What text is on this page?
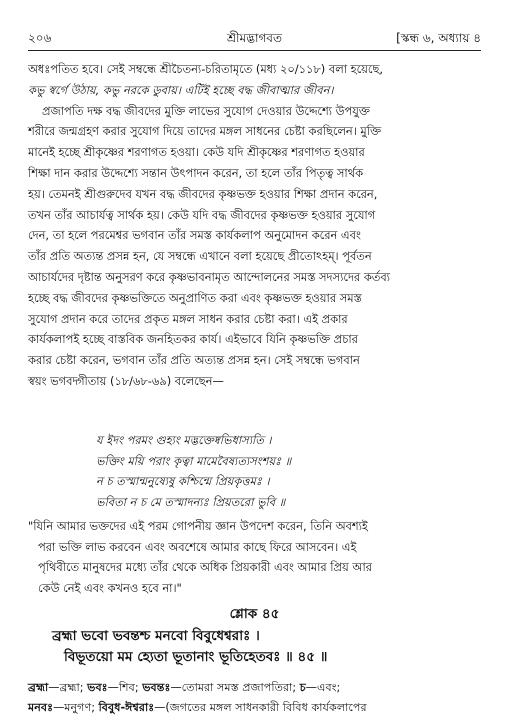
২০৬	শ্রীমদ্ভাগবত	[স্কন্ধ ৬, অধ্যায় ৪
অধঃপতিত হবে। সেই সম্বন্ধে শ্রীচৈতন্য-চরিতামৃতে (মধ্য ২০/১১৮) বলা হয়েছে,
কভু স্বর্গে উঠায়, কভু নরকে ডুবায়। এটিই হচ্ছে বদ্ধ জীবাত্মার জীবন।
প্রজাপতি দক্ষ বদ্ধ জীবদের মুক্তি লাভের সুযোগ দেওয়ার উদ্দেশ্যে উপযুক্ত
শরীরে জন্মগ্রহণ করার সুযোগ দিয়ে তাদের মঙ্গল সাধনের চেষ্টা করছিলেন। মুক্তি
মানেই হচ্ছে শ্রীকৃষ্ণের শরণাগত হওয়া। কেউ যদি শ্রীকৃষ্ণের শরণাগত হওয়ার
শিক্ষা দান করার উদ্দেশ্যে সন্তান উৎপাদন করেন, তা হলে তাঁর পিতৃত্ব সার্থক
হয়। তেমনই শ্রীগুরুদেব যখন বদ্ধ জীবদের কৃষ্ণভক্ত হওয়ার শিক্ষা প্রদান করেন,
তখন তাঁর আচার্যত্ব সার্থক হয়। কেউ যদি বদ্ধ জীবদের কৃষ্ণভক্ত হওয়ার সুযোগ
দেন, তা হলে পরমেশ্বর ভগবান তাঁর সমস্ত কার্যকলাপ অনুমোদন করেন এবং
তাঁর প্রতি অত্যন্ত প্রসন্ন হন, যে সম্বন্ধে এখানে বলা হয়েছে প্রীতোঽহম্‌। পূর্বতন
আচার্যদের দৃষ্টান্ত অনুসরণ করে কৃষ্ণভাবনামৃত আন্দোলনের সমস্ত সদস্যদের কর্তব্য
হচ্ছে বদ্ধ জীবদের কৃষ্ণভক্তিতে অনুপ্রাণিত করা এবং কৃষ্ণভক্ত হওয়ার সমস্ত
সুযোগ প্রদান করে তাদের প্রকৃত মঙ্গল সাধন করার চেষ্টা করা। এই প্রকার
কার্যকলাপই হচ্ছে বাস্তবিক জনহিতকর কার্য। এইভাবে যিনি কৃষ্ণভক্তি প্রচার
করার চেষ্টা করেন, ভগবান তাঁর প্রতি অত্যন্ত প্রসন্ন হন। সেই সম্বন্ধে ভগবান
স্বয়ং ভগবদ্গীতায় (১৮/৬৮-৬৯) বলেছেন—
য ইদং পরমং গুহ্যং মদ্ভক্তেষ্বভিধাস্যতি ।
ভক্তিং ময়ি পরাং কৃত্বা মামেবৈষ্যত্যসংশয়ঃ ॥
ন চ তস্মান্মনুষ্যেষু কশ্চিন্মে প্রিয়কৃত্তমঃ ।
ভবিতা ন চ মে তস্মাদন্যঃ প্রিয়তরো ভুবি ॥
"যিনি আমার ভক্তদের এই পরম গোপনীয় জ্ঞান উপদেশ করেন, তিনি অবশ্যই
পরা ভক্তি লাভ করবেন এবং অবশেষে আমার কাছে ফিরে আসবেন। এই
পৃথিবীতে মানুষদের মধ্যে তাঁর থেকে অধিক প্রিয়কারী এবং আমার প্রিয় আর
কেউ নেই এবং কখনও হবে না।"
শ্লোক ৪৫
ব্রহ্মা ভবো ভবন্তশ্চ মনবো বিবুধেশ্বরাঃ ।
বিভূতয়ো মম হ্যেতা ভূতানাং ভূতিহেতবঃ ॥ ৪৫ ॥
ব্রহ্মা—ব্রহ্মা; ভবঃ—শিব; ভবন্তঃ—তোমরা সমস্ত প্রজাপতিরা; চ—এবং;
মনবঃ—মনুগণ; বিবুধ-ঈশ্বরাঃ—(জগতের মঙ্গল সাধনকারী বিবিধ কার্যকলাপের
